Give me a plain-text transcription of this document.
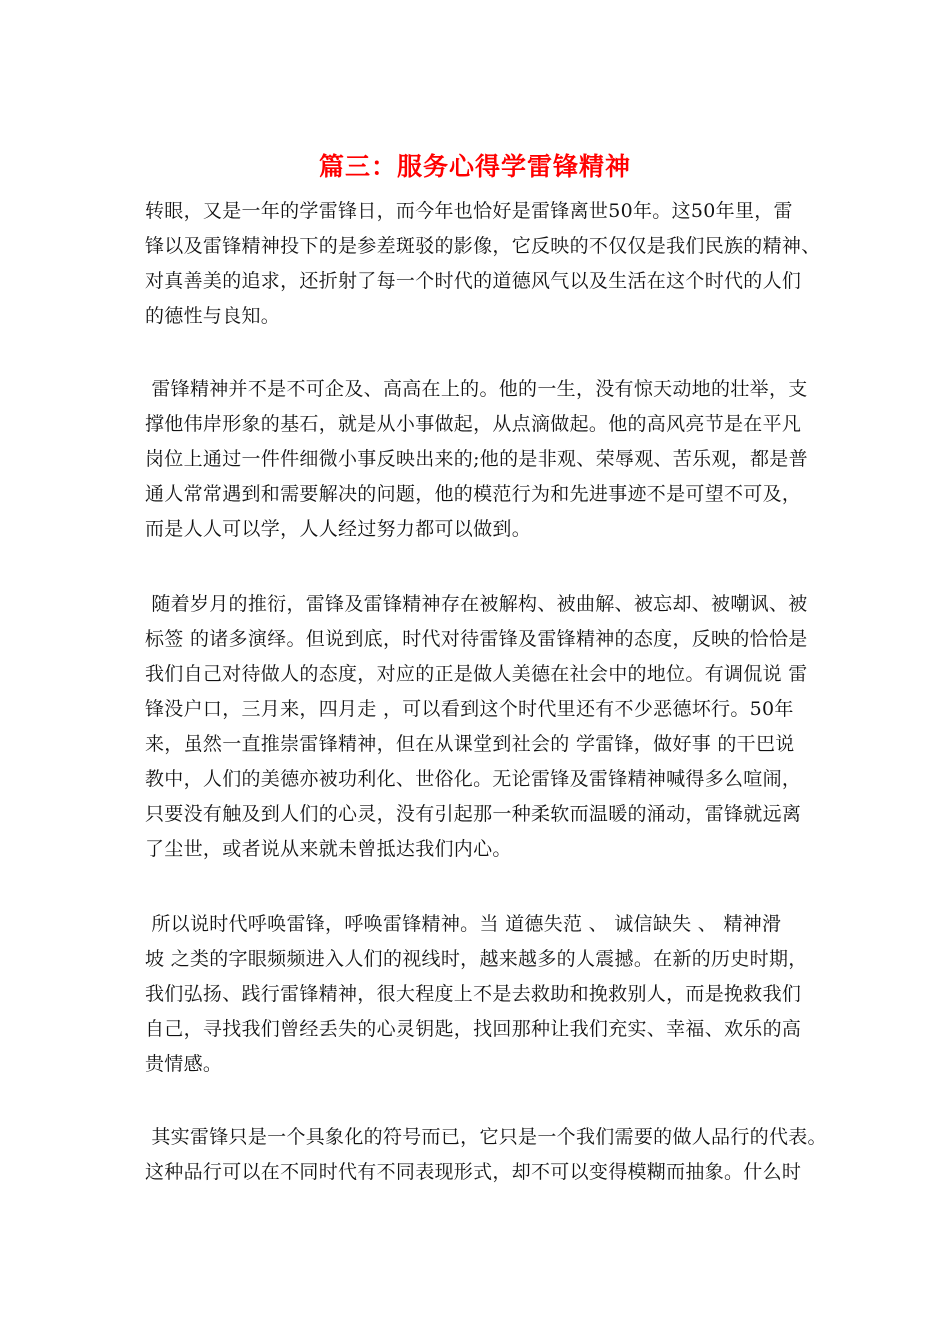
篇三：服务心得学雷锋精神
转眼，又是一年的学雷锋日，而今年也恰好是雷锋离世50年。这50年里，雷
锋以及雷锋精神投下的是参差斑驳的影像，它反映的不仅仅是我们民族的精神、
对真善美的追求，还折射了每一个时代的道德风气以及生活在这个时代的人们
的德性与良知。
雷锋精神并不是不可企及、高高在上的。他的一生，没有惊天动地的壮举，支
撑他伟岸形象的基石，就是从小事做起，从点滴做起。他的高风亮节是在平凡
岗位上通过一件件细微小事反映出来的;他的是非观、荣辱观、苦乐观，都是普
通人常常遇到和需要解决的问题，他的模范行为和先进事迹不是可望不可及，
而是人人可以学，人人经过努力都可以做到。
随着岁月的推衍，雷锋及雷锋精神存在被解构、被曲解、被忘却、被嘲讽、被
标签 的诸多演绎。但说到底，时代对待雷锋及雷锋精神的态度，反映的恰恰是
我们自己对待做人的态度，对应的正是做人美德在社会中的地位。有调侃说 雷
锋没户口，三月来，四月走 ，可以看到这个时代里还有不少恶德坏行。50年
来，虽然一直推崇雷锋精神，但在从课堂到社会的 学雷锋，做好事 的干巴说
教中，人们的美德亦被功利化、世俗化。无论雷锋及雷锋精神喊得多么喧闹，
只要没有触及到人们的心灵，没有引起那一种柔软而温暖的涌动，雷锋就远离
了尘世，或者说从来就未曾抵达我们内心。
所以说时代呼唤雷锋，呼唤雷锋精神。当 道德失范 、 诚信缺失 、 精神滑
坡 之类的字眼频频进入人们的视线时，越来越多的人震撼。在新的历史时期，
我们弘扬、践行雷锋精神，很大程度上不是去救助和挽救别人，而是挽救我们
自己，寻找我们曾经丢失的心灵钥匙，找回那种让我们充实、幸福、欢乐的高
贵情感。
其实雷锋只是一个具象化的符号而已，它只是一个我们需要的做人品行的代表。
这种品行可以在不同时代有不同表现形式，却不可以变得模糊而抽象。什么时
